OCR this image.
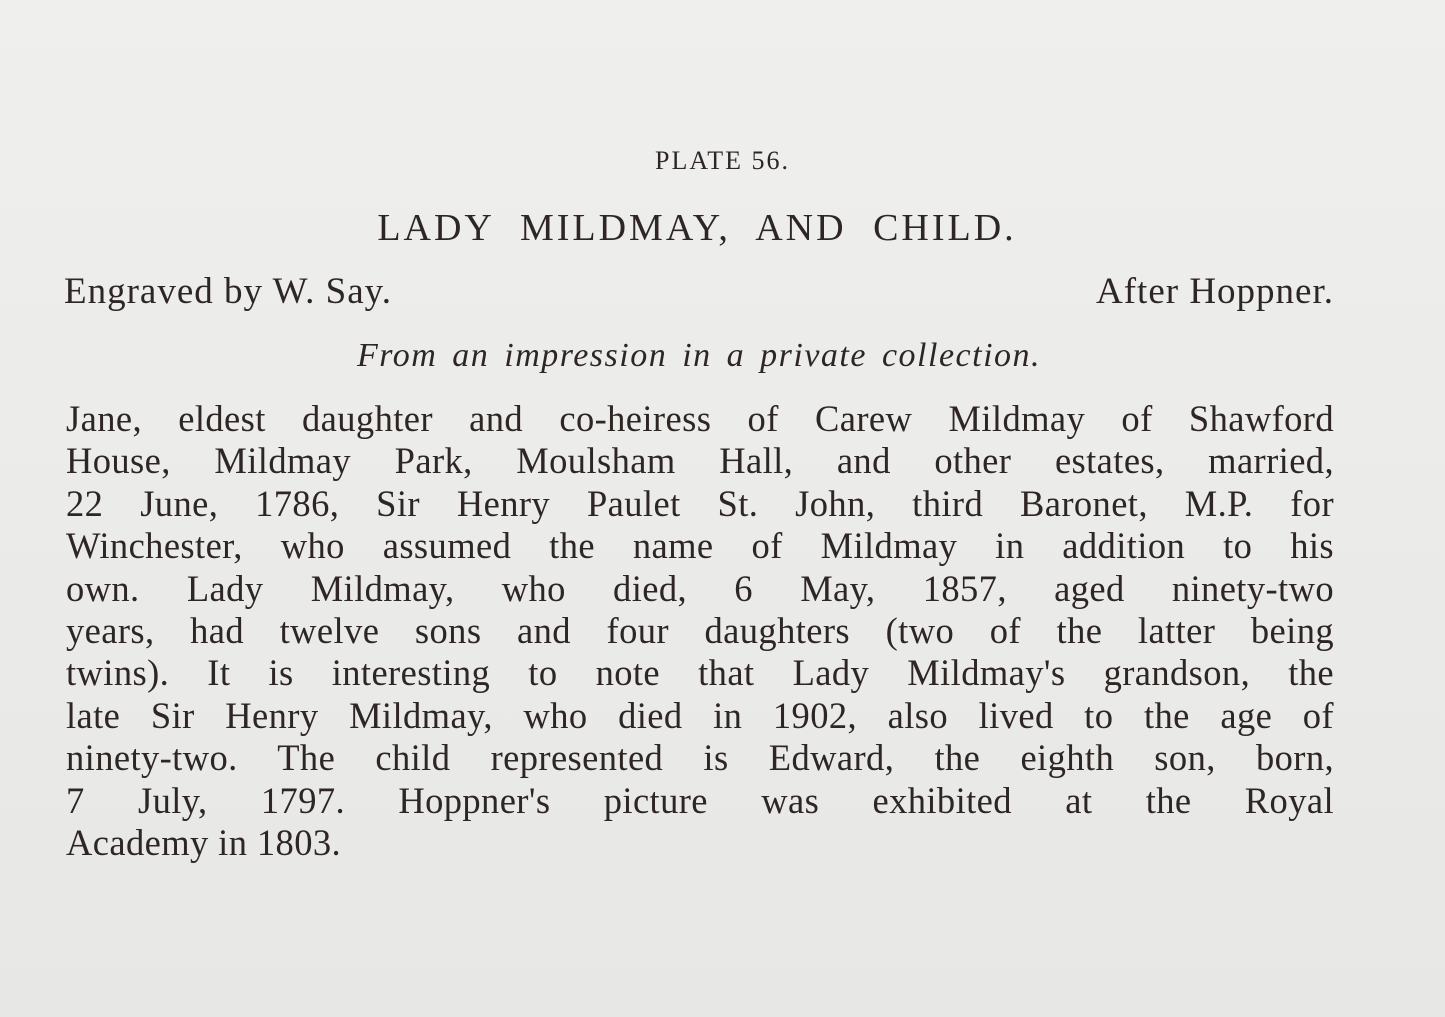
PLATE 56.
LADY MILDMAY, AND CHILD.
Engraved by W. Say.	After Hoppner.
From an impression in a private collection.
Jane, eldest daughter and co-heiress of Carew Mildmay of Shawford
House, Mildmay Park, Moulsham Hall, and other estates, married,
22 June, 1786, Sir Henry Paulet St. John, third Baronet, M.P. for
Winchester, who assumed the name of Mildmay in addition to his
own. Lady Mildmay, who died, 6 May, 1857, aged ninety-two
years, had twelve sons and four daughters (two of the latter being
twins). It is interesting to note that Lady Mildmay's grandson, the
late Sir Henry Mildmay, who died in 1902, also lived to the age of
ninety-two. The child represented is Edward, the eighth son, born,
7 July, 1797. Hoppner's picture was exhibited at the Royal
Academy in 1803.
